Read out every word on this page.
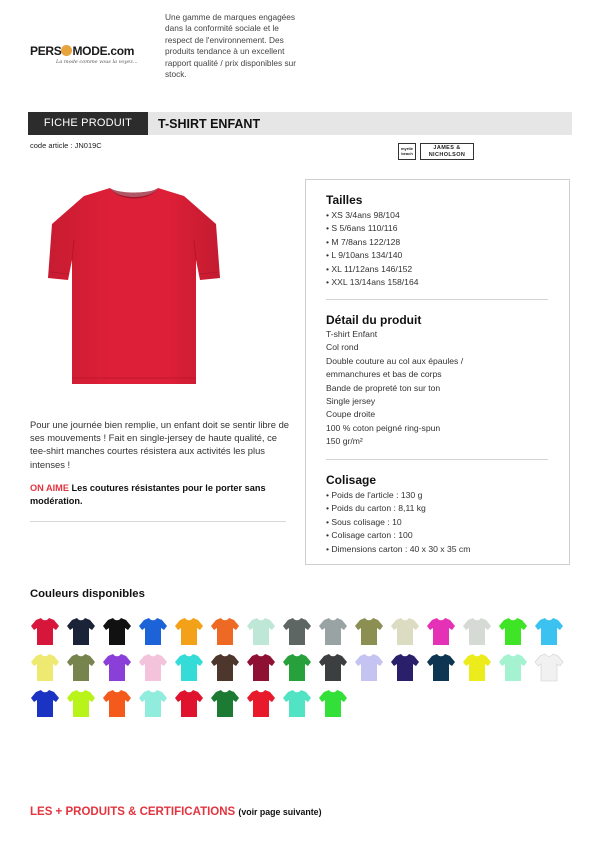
PERS MODE.com
La mode comme vous la voyez...
Une gamme de marques engagées dans la conformité sociale et le respect de l'environnement. Des produits tendance à un excellent rapport qualité / prix disponibles sur stock.
FICHE PRODUIT	T-SHIRT ENFANT
code article : JN019C	myrtle
beach
JAMES &
NICHOLSON
Pour une journée bien remplie, un enfant doit se sentir libre de ses mouvements ! Fait en single-jersey de haute qualité, ce tee-shirt manches courtes résistera aux activités les plus intenses !
ON AIME Les coutures résistantes pour le porter sans modération.
Tailles
• XS 3/4ans 98/104
• S 5/6ans 110/116
• M 7/8ans 122/128
• L 9/10ans 134/140
• XL 11/12ans 146/152
• XXL 13/14ans 158/164
Détail du produit
T-shirt Enfant
Col rond
Double couture au col aux épaules /
emmanchures et bas de corps
Bande de propreté ton sur ton
Single jersey
Coupe droite
100 % coton peigné ring-spun
150 gr/m²
Colisage
• Poids de l'article : 130 g
• Poids du carton : 8,11 kg
• Sous colisage : 10
• Colisage carton : 100
• Dimensions carton : 40 x 30 x 35 cm
Couleurs disponibles
LES + PRODUITS & CERTIFICATIONS (voir page suivante)
